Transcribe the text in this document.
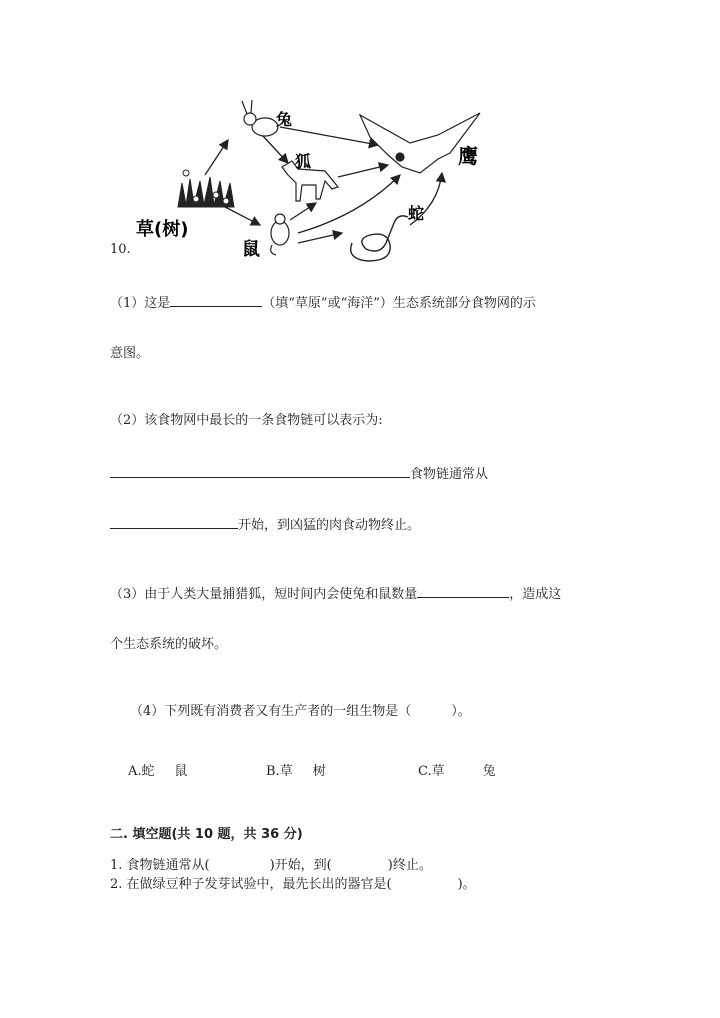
兔
狐	鹰
蛇
草(树)
鼠
10.
（1）这是	（填“草原”或“海洋”）生态系统部分食物网的示
意图。
（2）该食物网中最长的一条食物链可以表示为:
食物链通常从
开始，到凶猛的肉食动物终止。
（3）由于人类大量捕猎狐，短时间内会使兔和鼠数量	，造成这
个生态系统的破坏。
（4）下列既有消费者又有生产者的一组生物是（	）。
A.蛇 鼠	B.草 树	C.草	兔
二. 填空题(共 10 题，共 36 分)
1. 食物链通常从(	)开始，到(	)终止。
2. 在做绿豆种子发芽试验中，最先长出的器官是(	)。
